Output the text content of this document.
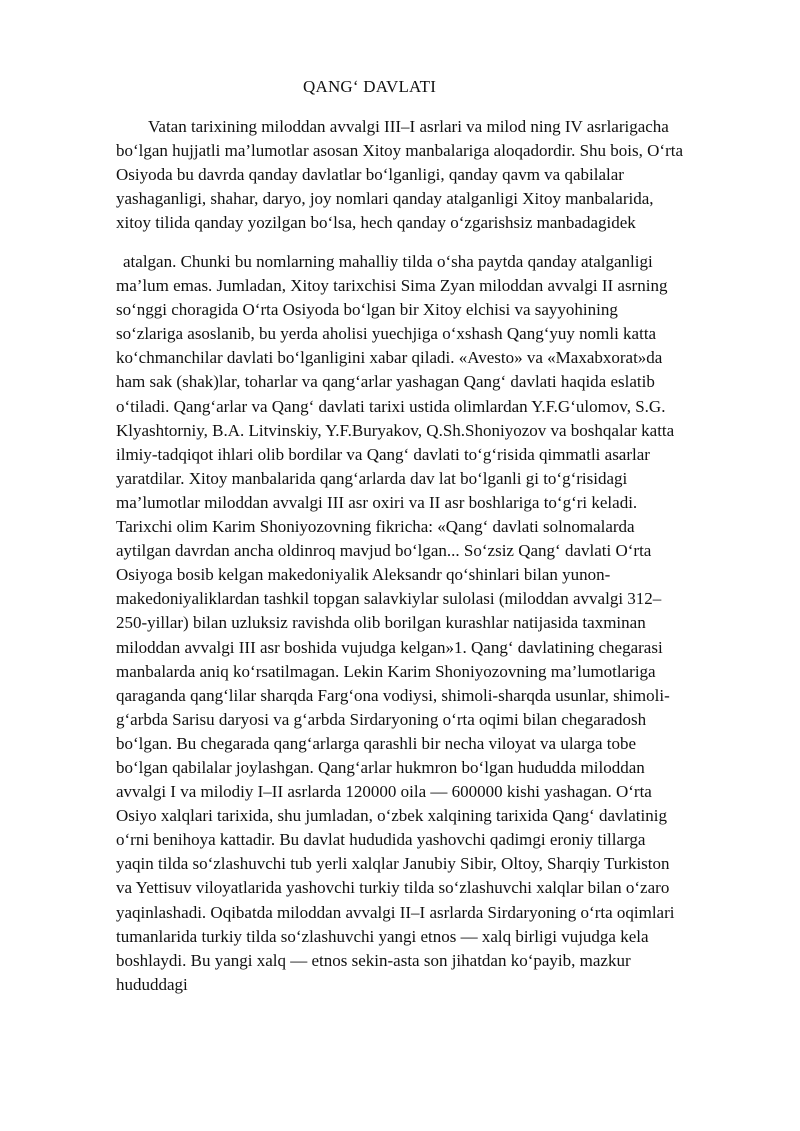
QANG‘ DAVLATI
Vatan tarixining miloddan avvalgi III–I asrlari va milod ning IV asrlarigacha
bo‘lgan hujjatli ma’lumotlar asosan Xitoy manbalariga aloqadordir. Shu bois, O‘rta
Osiyoda bu davrda qanday davlatlar bo‘lganligi, qanday qavm va qabilalar
yashaganligi, shahar, daryo, joy nomlari qanday atalganligi Xitoy manbalarida,
xitoy tilida qanday yozilgan bo‘lsa, hech qanday o‘zgarishsiz manbadagidek
atalgan. Chunki bu nomlarning mahalliy tilda o‘sha paytda qanday atalganligi
ma’lum emas. Jumladan, Xitoy tarixchisi Sima Zyan miloddan avvalgi II asrning
so‘nggi choragida O‘rta Osiyoda bo‘lgan bir Xitoy elchisi va sayyohining
so‘zlariga asoslanib, bu yerda aholisi yuechjiga o‘xshash Qang‘yuy nomli katta
ko‘chmanchilar davlati bo‘lganligini xabar qiladi. «Avesto» va «Maxabxorat»da
ham sak (shak)lar, toharlar va qang‘arlar yashagan Qang‘ davlati haqida eslatib
o‘tiladi. Qang‘arlar va Qang‘ davlati tarixi ustida olimlardan Y.F.G‘ulomov, S.G.
Klyashtorniy, B.A. Litvinskiy, Y.F.Buryakov, Q.Sh.Shoniyozov va boshqalar katta
ilmiy-tadqiqot ihlari olib bordilar va Qang‘ davlati to‘g‘risida qimmatli asarlar
yaratdilar. Xitoy manbalarida qang‘arlarda dav lat bo‘lganli gi to‘g‘risidagi
ma’lumotlar miloddan avvalgi III asr oxiri va II asr boshlariga to‘g‘ri keladi.
Tarixchi olim Karim Shoniyozovning fikricha: «Qang‘ davlati solnomalarda
aytilgan davrdan ancha oldinroq mavjud bo‘lgan... So‘zsiz Qang‘ davlati O‘rta
Osiyoga bosib kelgan makedoniyalik Aleksandr qo‘shinlari bilan yunon-
makedoniyaliklardan tashkil topgan salavkiylar sulolasi (miloddan avvalgi 312–
250-yillar) bilan uzluksiz ravishda olib borilgan kurashlar natijasida taxminan
miloddan avvalgi III asr boshida vujudga kelgan»1. Qang‘ davlatining chegarasi
manbalarda aniq ko‘rsatilmagan. Lekin Karim Shoniyozovning ma’lumotlariga
qaraganda qang‘lilar sharqda Farg‘ona vodiysi, shimoli-sharqda usunlar, shimoli-
g‘arbda Sarisu daryosi va g‘arbda Sirdaryoning o‘rta oqimi bilan chegaradosh
bo‘lgan. Bu chegarada qang‘arlarga qarashli bir necha viloyat va ularga tobe
bo‘lgan qabilalar joylashgan. Qang‘arlar hukmron bo‘lgan hududda miloddan
avvalgi I va milodiy I–II asrlarda 120000 oila — 600000 kishi yashagan. O‘rta
Osiyo xalqlari tarixida, shu jumladan, o‘zbek xalqining tarixida Qang‘ davlatinig
o‘rni benihoya kattadir. Bu davlat hududida yashovchi qadimgi eroniy tillarga
yaqin tilda so‘zlashuvchi tub yerli xalqlar Janubiy Sibir, Oltoy, Sharqiy Turkiston
va Yettisuv viloyatlarida yashovchi turkiy tilda so‘zlashuvchi xalqlar bilan o‘zaro
yaqinlashadi. Oqibatda miloddan avvalgi II–I asrlarda Sirdaryoning o‘rta oqimlari
tumanlarida turkiy tilda so‘zlashuvchi yangi etnos — xalq birligi vujudga kela
boshlaydi. Bu yangi xalq — etnos sekin-asta son jihatdan ko‘payib, mazkur
hududdagi
